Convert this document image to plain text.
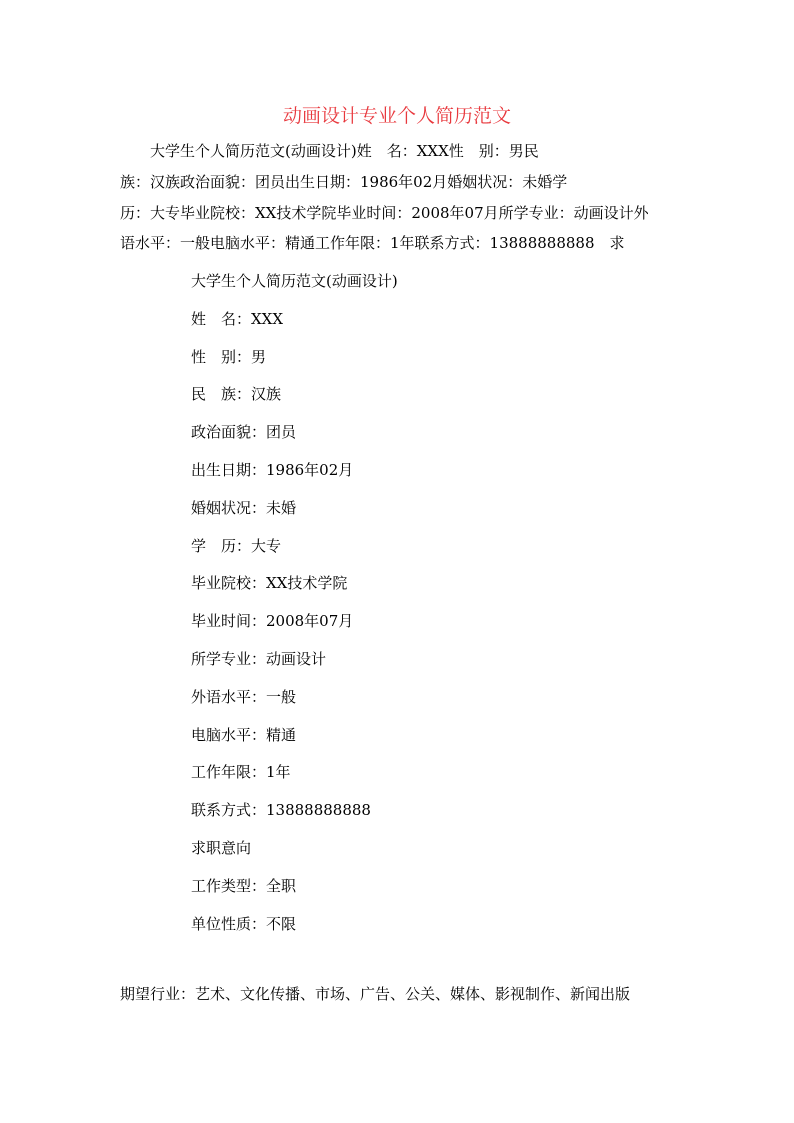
动画设计专业个人简历范文
大学生个人简历范文(动画设计)姓　名：XXX性　别：男民
族：汉族政治面貌：团员出生日期：1986年02月婚姻状况：未婚学
历：大专毕业院校：XX技术学院毕业时间：2008年07月所学专业：动画设计外
语水平：一般电脑水平：精通工作年限：1年联系方式：13888888888　求
大学生个人简历范文(动画设计)
姓　名：XXX
性　别：男
民　族：汉族
政治面貌：团员
出生日期：1986年02月
婚姻状况：未婚
学　历：大专
毕业院校：XX技术学院
毕业时间：2008年07月
所学专业：动画设计
外语水平：一般
电脑水平：精通
工作年限：1年
联系方式：13888888888
求职意向
工作类型：全职
单位性质：不限
期望行业：艺术、文化传播、市场、广告、公关、媒体、影视制作、新闻出版
